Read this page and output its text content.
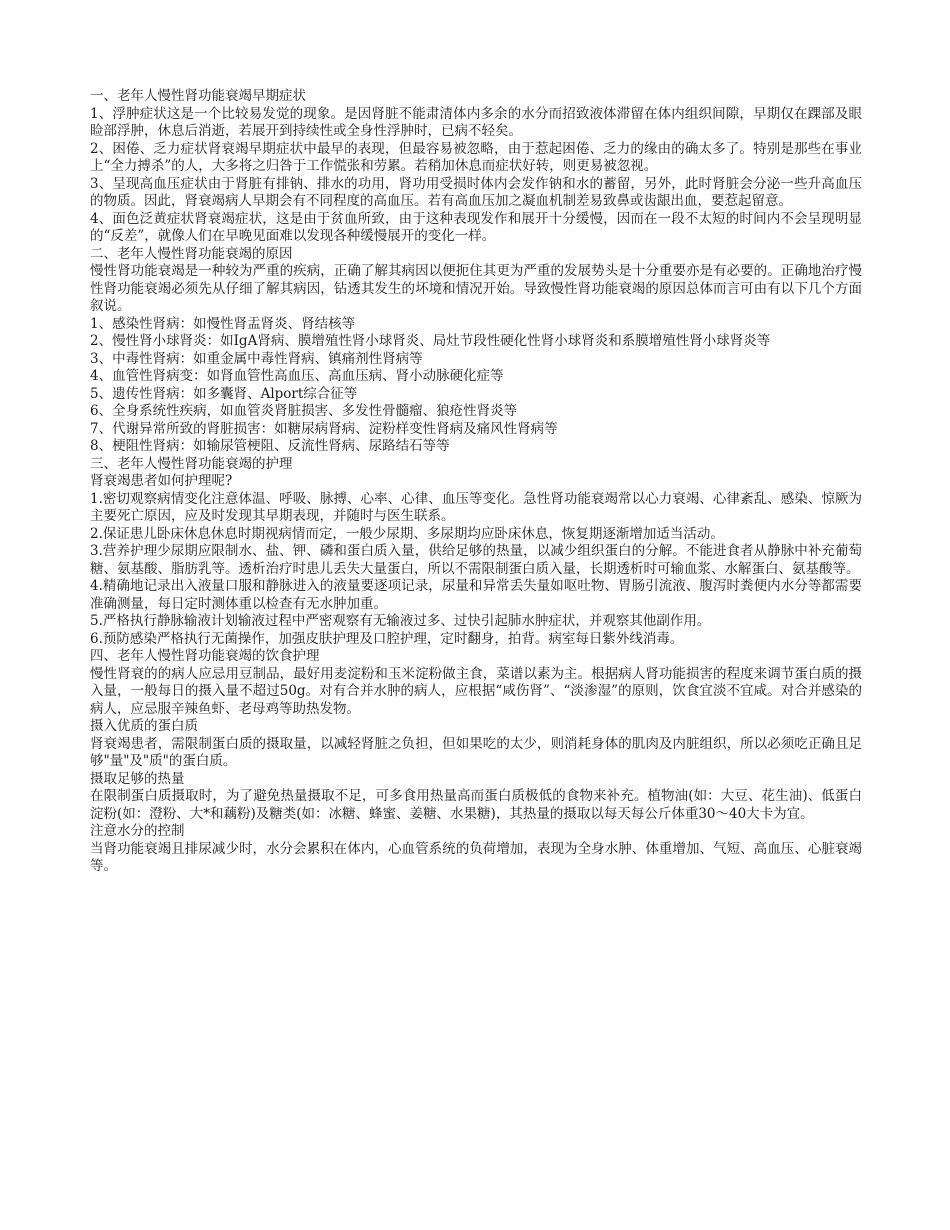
一、老年人慢性肾功能衰竭早期症状

1、浮肿症状这是一个比较易发觉的现象。是因肾脏不能肃清体内多余的水分而招致液体滞留在体内组织间隙，早期仅在踝部及眼睑部浮肿，休息后消逝，若展开到持续性或全身性浮肿时，已病不轻矣。

2、困倦、乏力症状肾衰竭早期症状中最早的表现，但最容易被忽略，由于惹起困倦、乏力的缘由的确太多了。特别是那些在事业上“全力搏杀”的人，大多将之归咎于工作慌张和劳累。若稍加休息而症状好转，则更易被忽视。

3、呈现高血压症状由于肾脏有排钠、排水的功用，肾功用受损时体内会发作钠和水的蓄留，另外，此时肾脏会分泌一些升高血压的物质。因此，肾衰竭病人早期会有不同程度的高血压。若有高血压加之凝血机制差易致鼻或齿龈出血，要惹起留意。

4、面色泛黄症状肾衰竭症状，这是由于贫血所致，由于这种表现发作和展开十分缓慢，因而在一段不太短的时间内不会呈现明显的“反差”，就像人们在早晚见面难以发现各种缓慢展开的变化一样。

二、老年人慢性肾功能衰竭的原因

慢性肾功能衰竭是一种较为严重的疾病，正确了解其病因以便扼住其更为严重的发展势头是十分重要亦是有必要的。正确地治疗慢性肾功能衰竭必须先从仔细了解其病因，钻透其发生的坏境和情况开始。导致慢性肾功能衰竭的原因总体而言可由有以下几个方面叙说。

1、感染性肾病：如慢性肾盂肾炎、肾结核等

2、慢性肾小球肾炎：如IgA肾病、膜增殖性肾小球肾炎、局灶节段性硬化性肾小球肾炎和系膜增殖性肾小球肾炎等

3、中毒性肾病：如重金属中毒性肾病、镇痛剂性肾病等

4、血管性肾病变：如肾血管性高血压、高血压病、肾小动脉硬化症等

5、遗传性肾病：如多囊肾、Alport综合征等

6、全身系统性疾病，如血管炎肾脏损害、多发性骨髓瘤、狼疮性肾炎等

7、代谢异常所致的肾脏损害：如糖尿病肾病、淀粉样变性肾病及痛风性肾病等

8、梗阻性肾病：如输尿管梗阻、反流性肾病、尿路结石等等

三、老年人慢性肾功能衰竭的护理

肾衰竭患者如何护理呢?

1.密切观察病情变化注意体温、呼吸、脉搏、心率、心律、血压等变化。急性肾功能衰竭常以心力衰竭、心律紊乱、感染、惊厥为主要死亡原因，应及时发现其早期表现，并随时与医生联系。

2.保证患儿卧床休息休息时期视病情而定，一般少尿期、多尿期均应卧床休息，恢复期逐渐增加适当活动。

3.营养护理少尿期应限制水、盐、钾、磷和蛋白质入量，供给足够的热量，以减少组织蛋白的分解。不能进食者从静脉中补充葡萄糖、氨基酸、脂肪乳等。透析治疗时患儿丢失大量蛋白，所以不需限制蛋白质入量，长期透析时可输血浆、水解蛋白、氨基酸等。

4.精确地记录出入液量口服和静脉进入的液量要逐项记录，尿量和异常丢失量如呕吐物、胃肠引流液、腹泻时粪便内水分等都需要准确测量，每日定时测体重以检查有无水肿加重。

5.严格执行静脉输液计划输液过程中严密观察有无输液过多、过快引起肺水肿症状，并观察其他副作用。

6.预防感染严格执行无菌操作，加强皮肤护理及口腔护理，定时翻身，拍背。病室每日紫外线消毒。

四、老年人慢性肾功能衰竭的饮食护理

慢性肾衰的的病人应忌用豆制品，最好用麦淀粉和玉米淀粉做主食，菜谱以素为主。根据病人肾功能损害的程度来调节蛋白质的摄入量，一般每日的摄入量不超过50g。对有合并水肿的病人，应根据“咸伤肾”、“淡渗湿”的原则，饮食宜淡不宜咸。对合并感染的病人，应忌服辛辣鱼虾、老母鸡等助热发物。

摄入优质的蛋白质

肾衰竭患者，需限制蛋白质的摄取量，以减轻肾脏之负担，但如果吃的太少，则消耗身体的肌肉及内脏组织，所以必须吃正确且足够"量"及"质"的蛋白质。

摄取足够的热量

在限制蛋白质摄取时，为了避免热量摄取不足，可多食用热量高而蛋白质极低的食物来补充。植物油(如：大豆、花生油)、低蛋白淀粉(如：澄粉、大*和藕粉)及糖类(如：冰糖、蜂蜜、姜糖、水果糖)，其热量的摄取以每天每公斤体重30～40大卡为宜。

注意水分的控制

当肾功能衰竭且排尿减少时，水分会累积在体内，心血管系统的负荷增加，表现为全身水肿、体重增加、气短、高血压、心脏衰竭等。
